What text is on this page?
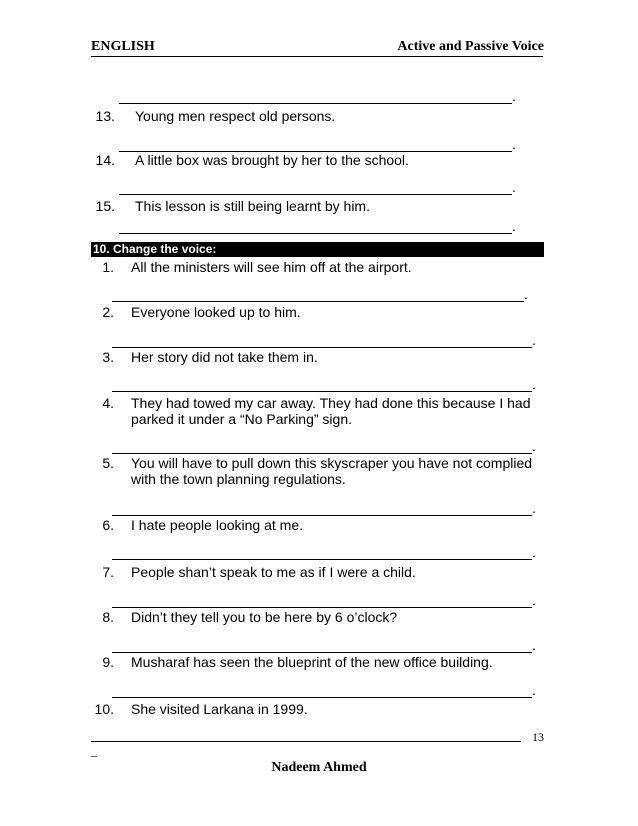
ENGLISH	Active and Passive Voice
.
13. Young men respect old persons.
.
14. A little box was brought by her to the school.
.
15. This lesson is still being learnt by him.
.
10. Change the voice:
1. All the ministers will see him off at the airport.
.
2. Everyone looked up to him.
.
3. Her story did not take them in.
.
4. They had towed my car away. They had done this because I had
parked it under a “No Parking” sign.
.
5. You will have to pull down this skyscraper you have not complied
with the town planning regulations.
.
6. I hate people looking at me.
.
7. People shan’t speak to me as if I were a child.
.
8. Didn’t they tell you to be here by 6 o’clock?
.
9. Musharaf has seen the blueprint of the new office building.
.
10. She visited Larkana in 1999.
13
_
Nadeem Ahmed
